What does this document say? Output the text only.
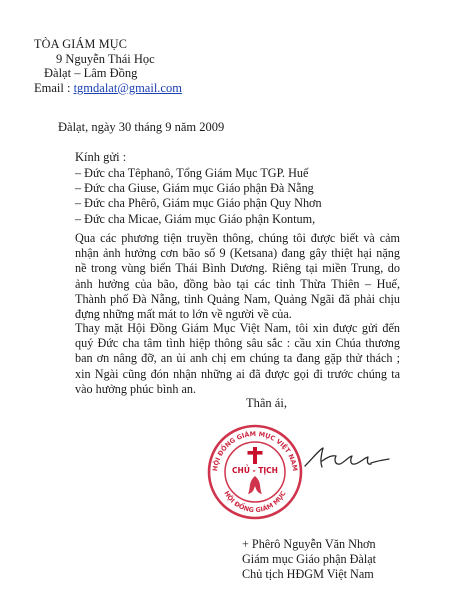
TÒA GIÁM MỤC
9 Nguyễn Thái Học
Đàlạt – Lâm Đồng
Email : tgmdalat@gmail.com
Đàlạt, ngày 30 tháng 9 năm 2009
Kính gửi :
– Đức cha Têphanô, Tổng Giám Mục TGP. Huế
– Đức cha Giuse, Giám mục Giáo phận Đà Nẵng
– Đức cha Phêrô, Giám mục Giáo phận Quy Nhơn
– Đức cha Micae, Giám mục Giáo phận Kontum,
Qua các phương tiện truyền thông, chúng tôi được biết và cảm nhận ảnh hưởng cơn bão số 9 (Ketsana) đang gây thiệt hại nặng nề trong vùng biển Thái Bình Dương. Riêng tại miền Trung, do ảnh hưởng của bão, đồng bào tại các tỉnh Thừa Thiên – Huế, Thành phố Đà Nẵng, tỉnh Quảng Nam, Quảng Ngãi đã phải chịu đựng những mất mát to lớn về người về của.
Thay mặt Hội Đồng Giám Mục Việt Nam, tôi xin được gửi đến quý Đức cha tâm tình hiệp thông sâu sắc : cầu xin Chúa thương ban ơn nâng đỡ, an ủi anh chị em chúng ta đang gặp thử thách ; xin Ngài cũng đón nhận những ai đã được gọi đi trước chúng ta vào hưởng phúc bình an.
Thân ái,
HỘI ĐỒNG GIÁM MỤC VIỆT NAM
HỘI ĐỒNG GIÁM MỤC
CHỦ - TỊCH
+ Phêrô Nguyễn Văn Nhơn
Giám mục Giáo phận Đàlạt
Chủ tịch HĐGM Việt Nam
